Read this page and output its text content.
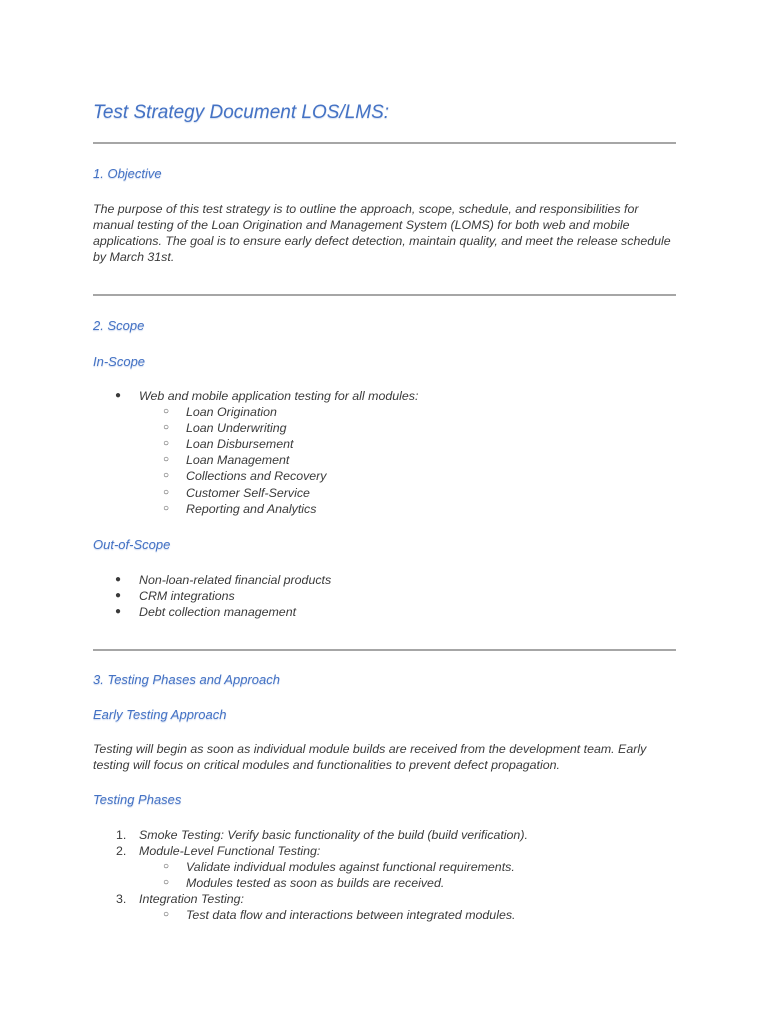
Test Strategy Document LOS/LMS:
1. Objective

The purpose of this test strategy is to outline the approach, scope, schedule, and responsibilities for manual testing of the Loan Origination and Management System (LOMS) for both web and mobile applications. The goal is to ensure early defect detection, maintain quality, and meet the release schedule by March 31st.

2. Scope
In-Scope
● Web and mobile application testing for all modules:
○ Loan Origination
○ Loan Underwriting
○ Loan Disbursement
○ Loan Management
○ Collections and Recovery
○ Customer Self-Service
○ Reporting and Analytics
Out-of-Scope
● Non-loan-related financial products
● CRM integrations
● Debt collection management
3. Testing Phases and Approach
Early Testing Approach

Testing will begin as soon as individual module builds are received from the development team. Early testing will focus on critical modules and functionalities to prevent defect propagation.

Testing Phases
1. Smoke Testing: Verify basic functionality of the build (build verification).
2. Module-Level Functional Testing:
○ Validate individual modules against functional requirements.
○ Modules tested as soon as builds are received.
3. Integration Testing:
○ Test data flow and interactions between integrated modules.
